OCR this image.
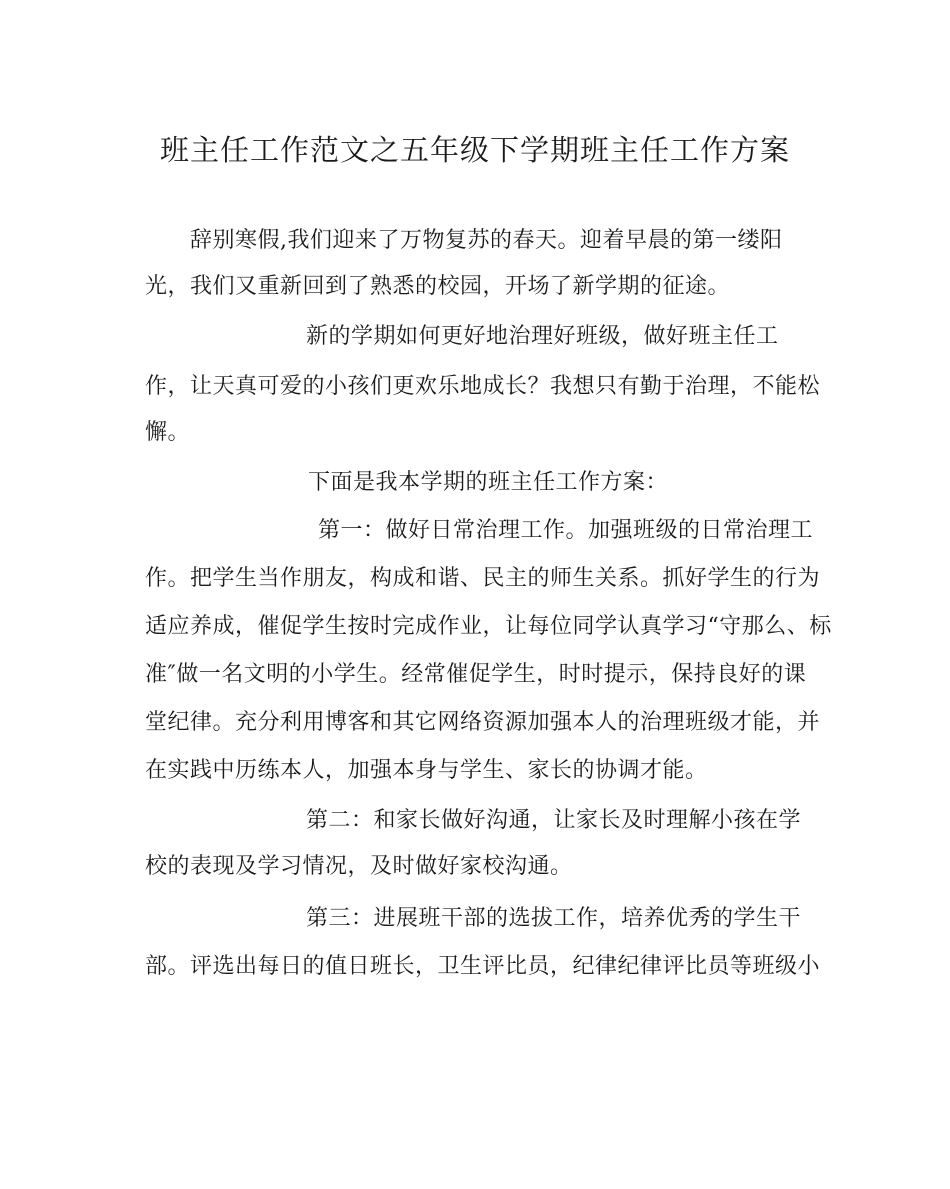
班主任工作范文之五年级下学期班主任工作方案
辞别寒假,我们迎来了万物复苏的春天。迎着早晨的第一缕阳
光，我们又重新回到了熟悉的校园，开场了新学期的征途。
新的学期如何更好地治理好班级，做好班主任工
作，让天真可爱的小孩们更欢乐地成长？我想只有勤于治理，不能松
懈。
下面是我本学期的班主任工作方案：
第一：做好日常治理工作。加强班级的日常治理工
作。把学生当作朋友，构成和谐、民主的师生关系。抓好学生的行为
适应养成，催促学生按时完成作业，让每位同学认真学习“守那么、标
准″做一名文明的小学生。经常催促学生，时时提示，保持良好的课
堂纪律。充分利用博客和其它网络资源加强本人的治理班级才能，并
在实践中历练本人，加强本身与学生、家长的协调才能。
第二：和家长做好沟通，让家长及时理解小孩在学
校的表现及学习情况，及时做好家校沟通。
第三：进展班干部的选拔工作，培养优秀的学生干
部。评选出每日的值日班长，卫生评比员，纪律纪律评比员等班级小
